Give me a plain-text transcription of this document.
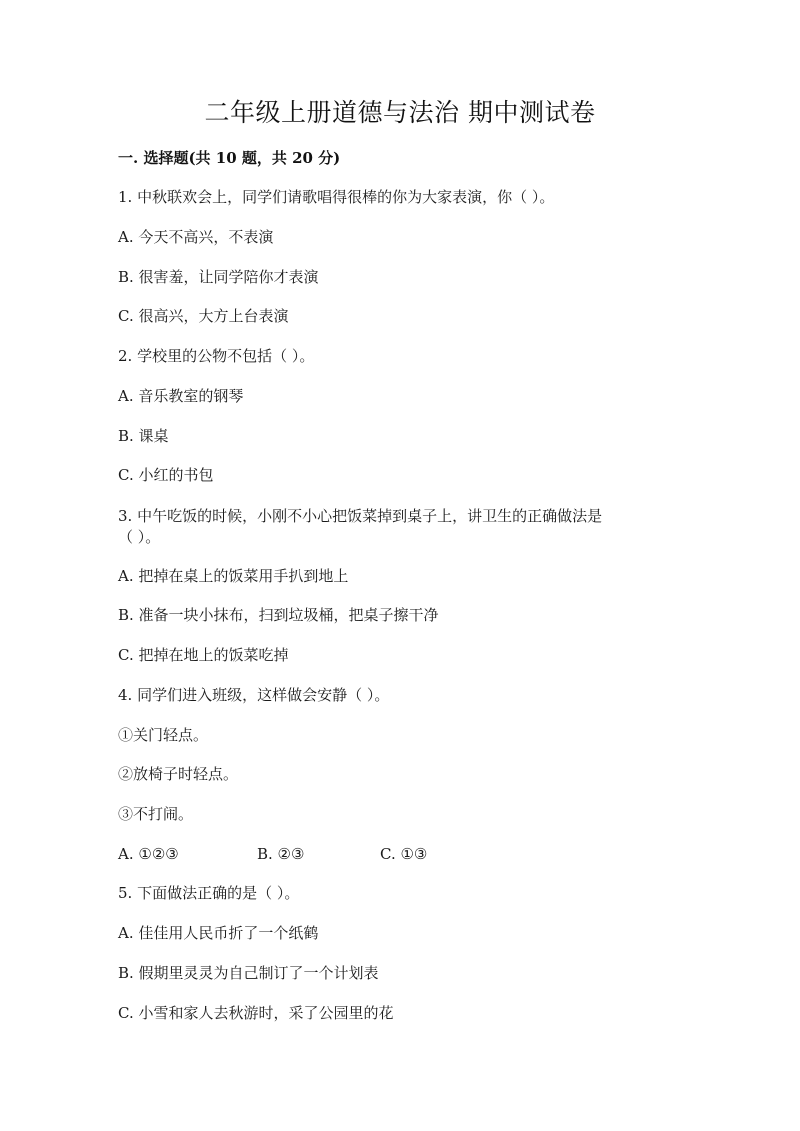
二年级上册道德与法治 期中测试卷
一. 选择题(共 10 题，共 20 分)
1. 中秋联欢会上，同学们请歌唱得很棒的你为大家表演，你（ ）。
A. 今天不高兴，不表演
B. 很害羞，让同学陪你才表演
C. 很高兴，大方上台表演
2. 学校里的公物不包括（ ）。
A. 音乐教室的钢琴
B. 课桌
C. 小红的书包
3. 中午吃饭的时候，小刚不小心把饭菜掉到桌子上，讲卫生的正确做法是
（ ）。
A. 把掉在桌上的饭菜用手扒到地上
B. 准备一块小抹布，扫到垃圾桶，把桌子擦干净
C. 把掉在地上的饭菜吃掉
4. 同学们进入班级，这样做会安静（ ）。
①关门轻点。
②放椅子时轻点。
③不打闹。
A. ①②③	B. ②③	C. ①③
5. 下面做法正确的是（ ）。
A. 佳佳用人民币折了一个纸鹤
B. 假期里灵灵为自己制订了一个计划表
C. 小雪和家人去秋游时，采了公园里的花
